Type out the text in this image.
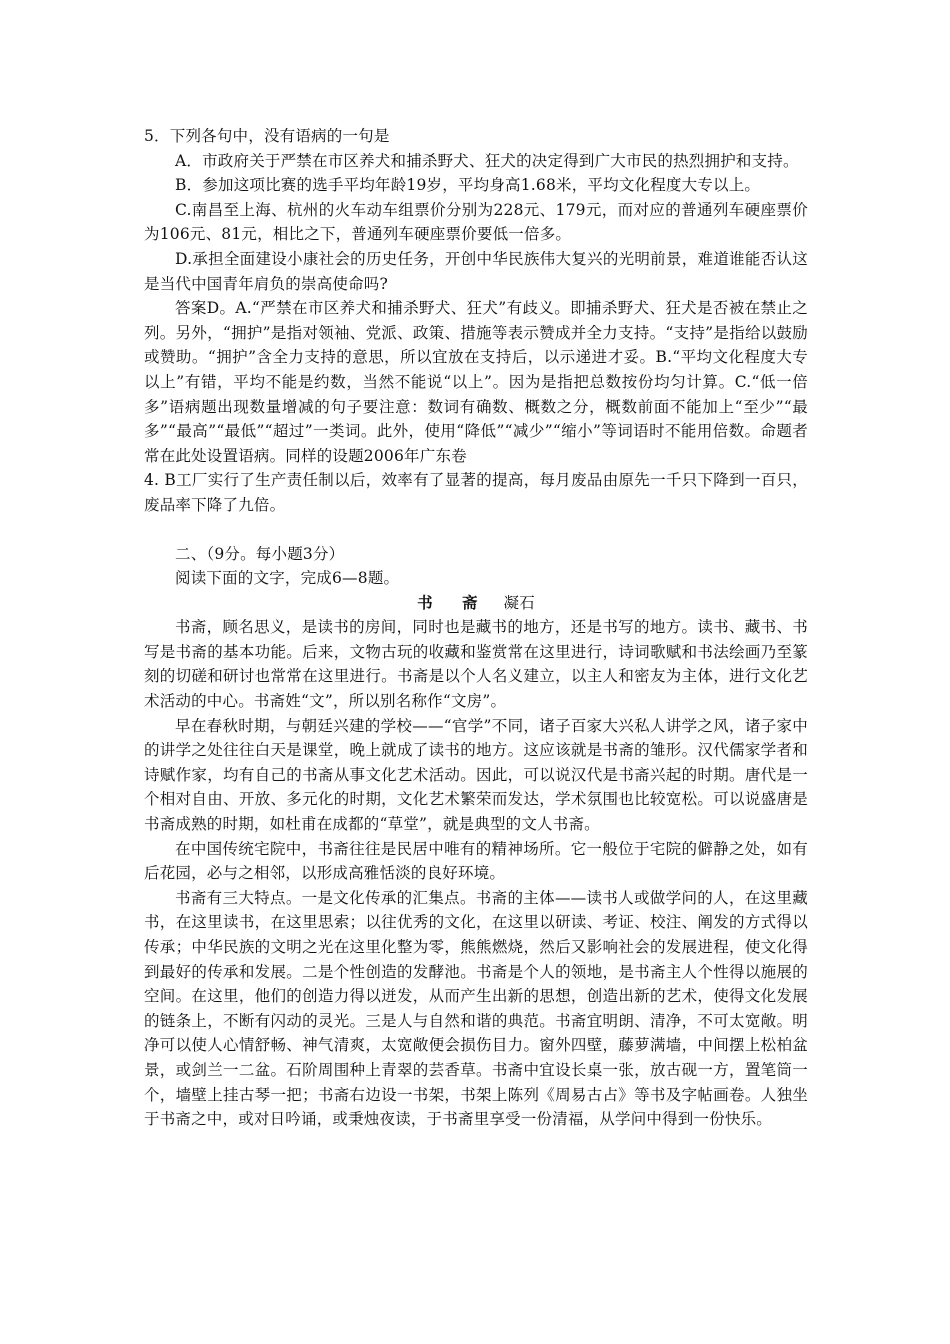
5．下列各句中，没有语病的一句是

A．市政府关于严禁在市区养犬和捕杀野犬、狂犬的决定得到广大市民的热烈拥护和支持。

B．参加这项比赛的选手平均年龄19岁，平均身高1.68米，平均文化程度大专以上。

C.南昌至上海、杭州的火车动车组票价分别为228元、179元，而对应的普通列车硬座票价为106元、81元，相比之下，普通列车硬座票价要低一倍多。

D.承担全面建设小康社会的历史任务，开创中华民族伟大复兴的光明前景，难道谁能否认这是当代中国青年肩负的崇高使命吗?

答案D。A.“严禁在市区养犬和捕杀野犬、狂犬”有歧义。即捕杀野犬、狂犬是否被在禁止之列。另外，“拥护”是指对领袖、党派、政策、措施等表示赞成并全力支持。“支持”是指给以鼓励或赞助。“拥护”含全力支持的意思，所以宜放在支持后，以示递进才妥。B.“平均文化程度大专以上”有错，平均不能是约数，当然不能说“以上”。因为是指把总数按份均匀计算。C.“低一倍多”语病题出现数量增减的句子要注意：数词有确数、概数之分，概数前面不能加上“至少”“最多”“最高”“最低”“超过”一类词。此外，使用“降低”“减少”“缩小”等词语时不能用倍数。命题者常在此处设置语病。同样的设题2006年广东卷

4. B工厂实行了生产责任制以后，效率有了显著的提高，每月废品由原先一千只下降到一百只，废品率下降了九倍。

二、（9分。每小题3分）

阅读下面的文字，完成6—8题。

书 斋 凝石

书斋，顾名思义，是读书的房间，同时也是藏书的地方，还是书写的地方。读书、藏书、书写是书斋的基本功能。后来，文物古玩的收藏和鉴赏常在这里进行，诗词歌赋和书法绘画乃至篆刻的切磋和研讨也常常在这里进行。书斋是以个人名义建立，以主人和密友为主体，进行文化艺术活动的中心。书斋姓“文”，所以别名称作“文房”。

早在春秋时期，与朝廷兴建的学校——“官学”不同，诸子百家大兴私人讲学之风，诸子家中的讲学之处往往白天是课堂，晚上就成了读书的地方。这应该就是书斋的雏形。汉代儒家学者和诗赋作家，均有自己的书斋从事文化艺术活动。因此，可以说汉代是书斋兴起的时期。唐代是一个相对自由、开放、多元化的时期，文化艺术繁荣而发达，学术氛围也比较宽松。可以说盛唐是书斋成熟的时期，如杜甫在成都的“草堂”，就是典型的文人书斋。

在中国传统宅院中，书斋往往是民居中唯有的精神场所。它一般位于宅院的僻静之处，如有后花园，必与之相邻，以形成高雅恬淡的良好环境。

书斋有三大特点。一是文化传承的汇集点。书斋的主体——读书人或做学问的人，在这里藏书，在这里读书，在这里思索；以往优秀的文化，在这里以研读、考证、校注、阐发的方式得以传承；中华民族的文明之光在这里化整为零，熊熊燃烧，然后又影响社会的发展进程，使文化得到最好的传承和发展。二是个性创造的发酵池。书斋是个人的领地，是书斋主人个性得以施展的空间。在这里，他们的创造力得以迸发，从而产生出新的思想，创造出新的艺术，使得文化发展的链条上，不断有闪动的灵光。三是人与自然和谐的典范。书斋宜明朗、清净，不可太宽敞。明净可以使人心情舒畅、神气清爽，太宽敞便会损伤目力。窗外四壁，藤萝满墙，中间摆上松柏盆景，或剑兰一二盆。石阶周围种上青翠的芸香草。书斋中宜设长桌一张，放古砚一方，置笔筒一个，墙壁上挂古琴一把；书斋右边设一书架，书架上陈列《周易古占》等书及字帖画卷。人独坐于书斋之中，或对日吟诵，或秉烛夜读，于书斋里享受一份清福，从学问中得到一份快乐。
